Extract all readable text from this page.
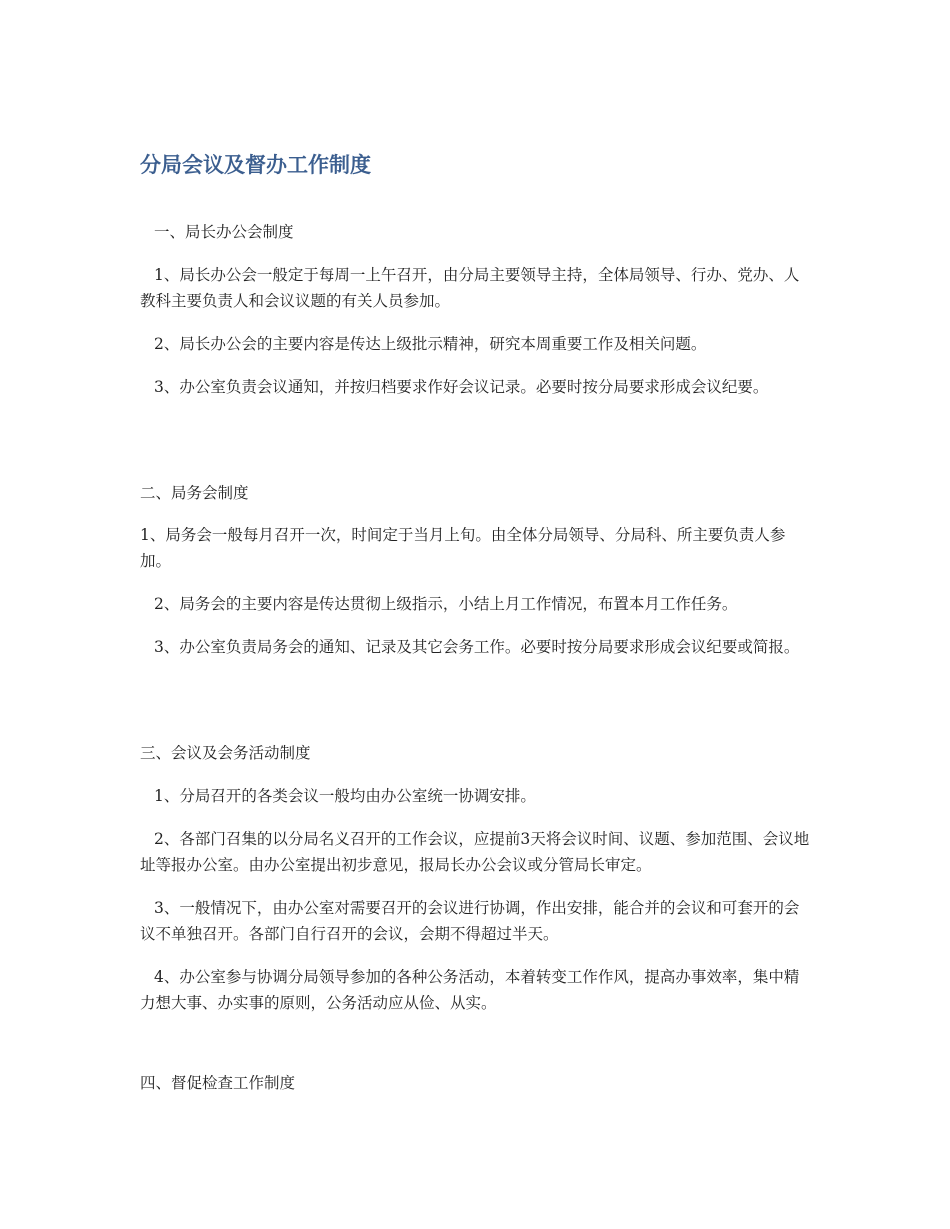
分局会议及督办工作制度

一、局长办公会制度

1、局长办公会一般定于每周一上午召开，由分局主要领导主持，全体局领导、行办、党办、人教科主要负责人和会议议题的有关人员参加。

2、局长办公会的主要内容是传达上级批示精神，研究本周重要工作及相关问题。

3、办公室负责会议通知，并按归档要求作好会议记录。必要时按分局要求形成会议纪要。

二、局务会制度

1、局务会一般每月召开一次，时间定于当月上旬。由全体分局领导、分局科、所主要负责人参加。

2、局务会的主要内容是传达贯彻上级指示，小结上月工作情况，布置本月工作任务。

3、办公室负责局务会的通知、记录及其它会务工作。必要时按分局要求形成会议纪要或简报。

三、会议及会务活动制度

1、分局召开的各类会议一般均由办公室统一协调安排。

2、各部门召集的以分局名义召开的工作会议，应提前3天将会议时间、议题、参加范围、会议地址等报办公室。由办公室提出初步意见，报局长办公会议或分管局长审定。

3、一般情况下，由办公室对需要召开的会议进行协调，作出安排，能合并的会议和可套开的会议不单独召开。各部门自行召开的会议，会期不得超过半天。

4、办公室参与协调分局领导参加的各种公务活动，本着转变工作作风，提高办事效率，集中精力想大事、办实事的原则，公务活动应从俭、从实。

四、督促检查工作制度
